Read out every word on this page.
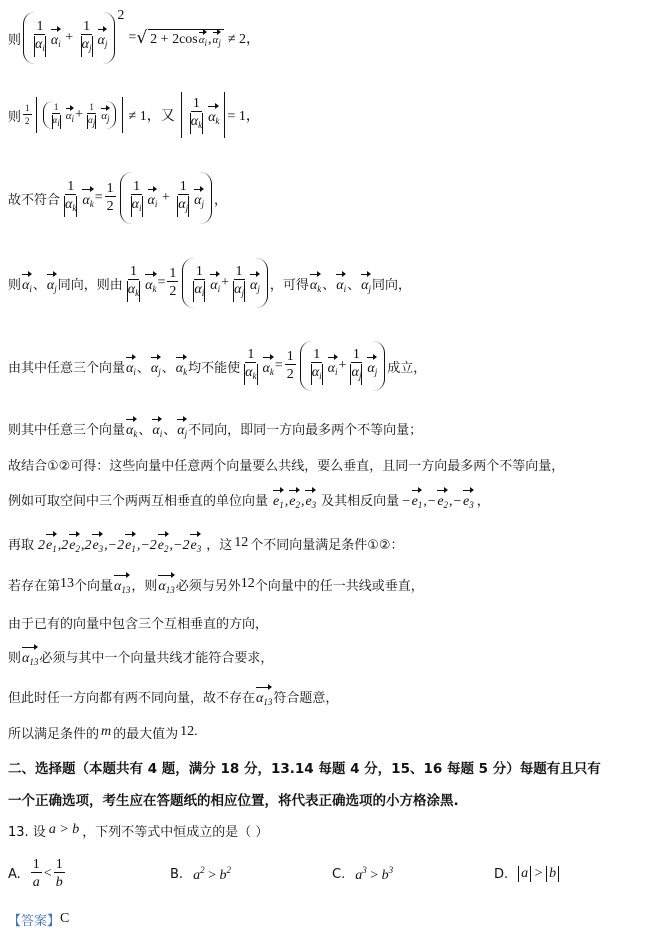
则 $\frac{1}{\alpha_i} \alpha_i + \frac{1}{\alpha_j} \alpha_j$
2
= √ $2 + 2\cos\alpha_i,\alpha_j \ne 2$，
则 $\frac{1}{2} \frac{1}{\alpha_i} \alpha_i + \frac{1}{\alpha_j} \alpha_j \ne 1$，又 $\frac{1}{\alpha_k} \alpha_k = 1$，
故不符合 $\frac{1}{\alpha_k} \alpha_k = \frac{1}{2} \frac{1}{\alpha_i} \alpha_i + \frac{1}{\alpha_j} \alpha_j$ ，
则 $\alpha_i$ 、 $\alpha_j$ 同向，则由 $\frac{1}{\alpha_k} \alpha_k = \frac{1}{2} \frac{1}{\alpha_i} \alpha_i + \frac{1}{\alpha_j} \alpha_j$ ，可得 $\alpha_k$ 、 $\alpha_i$ 、 $\alpha_j$ 同向，
由其中任意三个向量 $\alpha_i$ 、 $\alpha_j$ 、 $\alpha_k$ 均不能使 $\frac{1}{\alpha_k} \alpha_k = \frac{1}{2} \frac{1}{\alpha_i} \alpha_i + \frac{1}{\alpha_j} \alpha_j$ 成立，
则其中任意三个向量 $\alpha_k$ 、 $\alpha_i$ 、 $\alpha_j$ 不同向，即同一方向最多两个不等向量；
故结合①②可得：这些向量中任意两个向量要么共线，要么垂直，且同一方向最多两个不等向量，
例如可取空间中三个两两互相垂直的单位向量 $e_1,e_2,e_3$ 及其相反向量 $-e_1,-e_2,-e_3$ ，
再取 $2e_1,2e_2,2e_3,-2e_1,-2e_2,-2e_3$ ，这 12 个不同向量满足条件①②：
若存在第 13 个向量 $\alpha_{13}$ ，则 $\alpha_{13}$ 必须与另外 12 个向量中的任一共线或垂直，
由于已有的向量中包含三个互相垂直的方向，
则 $\alpha_{13}$ 必须与其中一个向量共线才能符合要求，
但此时任一方向都有两不同向量，故不存在 $\alpha_{13}$ 符合题意，
所以满足条件的 m 的最大值为 12.
二、选择题（本题共有 4 题，满分 18 分，13.14 每题 4 分，15、16 每题 5 分）每题有且只有
一个正确选项，考生应在答题纸的相应位置，将代表正确选项的小方格涂黑.
13. 设 a > b ，下列不等式中恒成立的是（ ）
A. $\frac{1}{a} < \frac{1}{b}$	B. $a^2 > b^2$	C. $a^3 > b^3$	D. a > b
【答案】 C
